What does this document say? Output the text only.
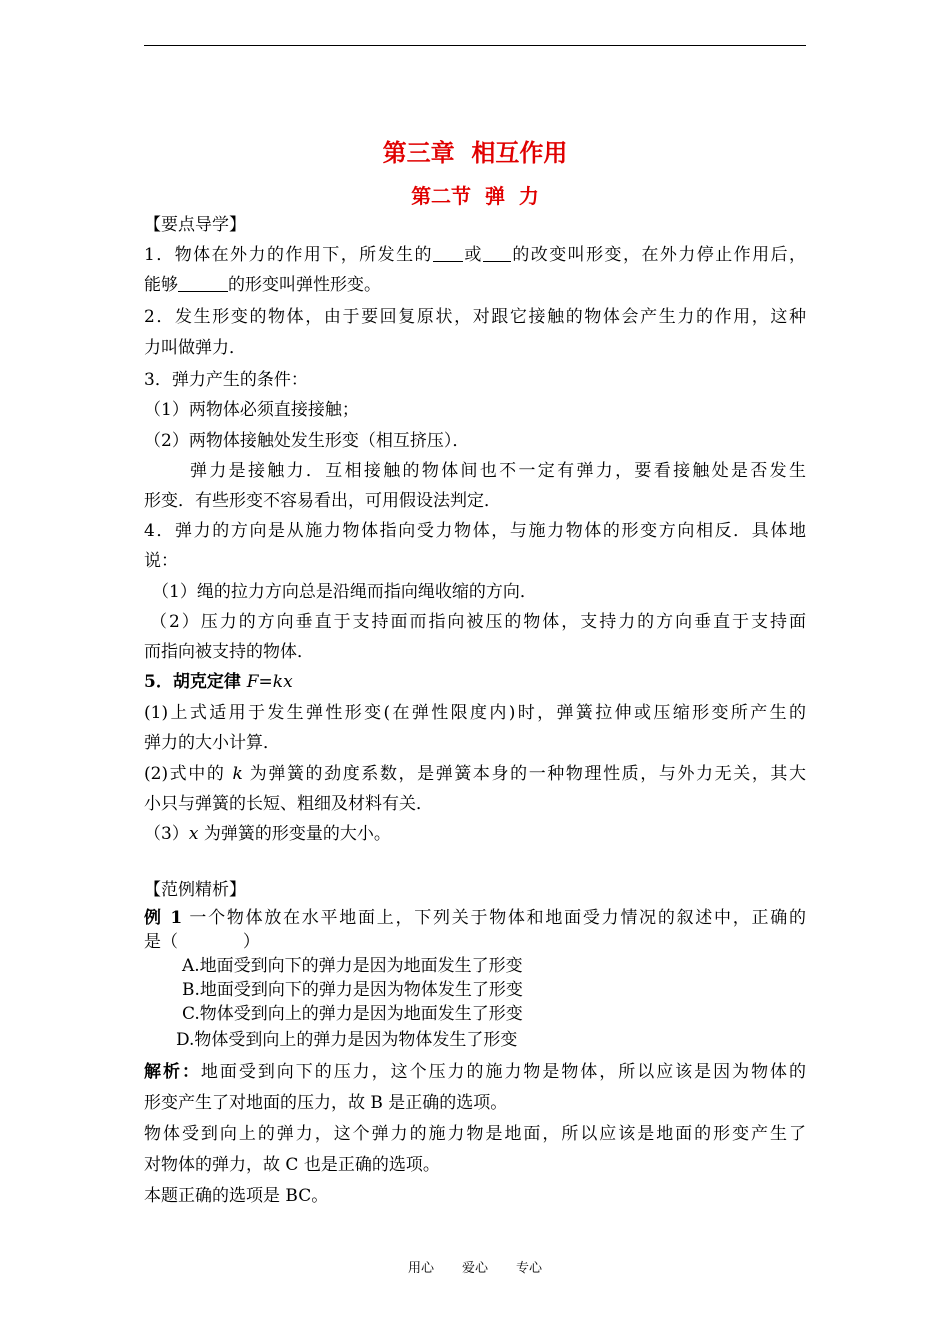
第三章  相互作用
第二节  弹  力
【要点导学】
1．物体在外力的作用下，所发生的 或 的改变叫形变，在外力停止作用后，
能够	的形变叫弹性形变。
2．发生形变的物体，由于要回复原状，对跟它接触的物体会产生力的作用，这种
力叫做弹力．
3．弹力产生的条件：
（1）两物体必须直接接触；
（2）两物体接触处发生形变（相互挤压）．
弹力是接触力．互相接触的物体间也不一定有弹力，要看接触处是否发生
形变．有些形变不容易看出，可用假设法判定．
4．弹力的方向是从施力物体指向受力物体，与施力物体的形变方向相反．具体地
说：
（1）绳的拉力方向总是沿绳而指向绳收缩的方向．
（2）压力的方向垂直于支持面而指向被压的物体，支持力的方向垂直于支持面
而指向被支持的物体．
5．胡克定律 F=kx
(1)上式适用于发生弹性形变(在弹性限度内)时，弹簧拉伸或压缩形变所产生的
弹力的大小计算．
(2)式中的 k 为弹簧的劲度系数，是弹簧本身的一种物理性质，与外力无关，其大
小只与弹簧的长短、粗细及材料有关．
（3）x 为弹簧的形变量的大小。
【范例精析】
例 1 一个物体放在水平地面上，下列关于物体和地面受力情况的叙述中，正确的
是（            ）
A.地面受到向下的弹力是因为地面发生了形变
B.地面受到向下的弹力是因为物体发生了形变
C.物体受到向上的弹力是因为地面发生了形变
D.物体受到向上的弹力是因为物体发生了形变
解析：地面受到向下的压力，这个压力的施力物是物体，所以应该是因为物体的
形变产生了对地面的压力，故 B 是正确的选项。
物体受到向上的弹力，这个弹力的施力物是地面，所以应该是地面的形变产生了
对物体的弹力，故 C 也是正确的选项。
本题正确的选项是 BC。
用心 爱心 专心
